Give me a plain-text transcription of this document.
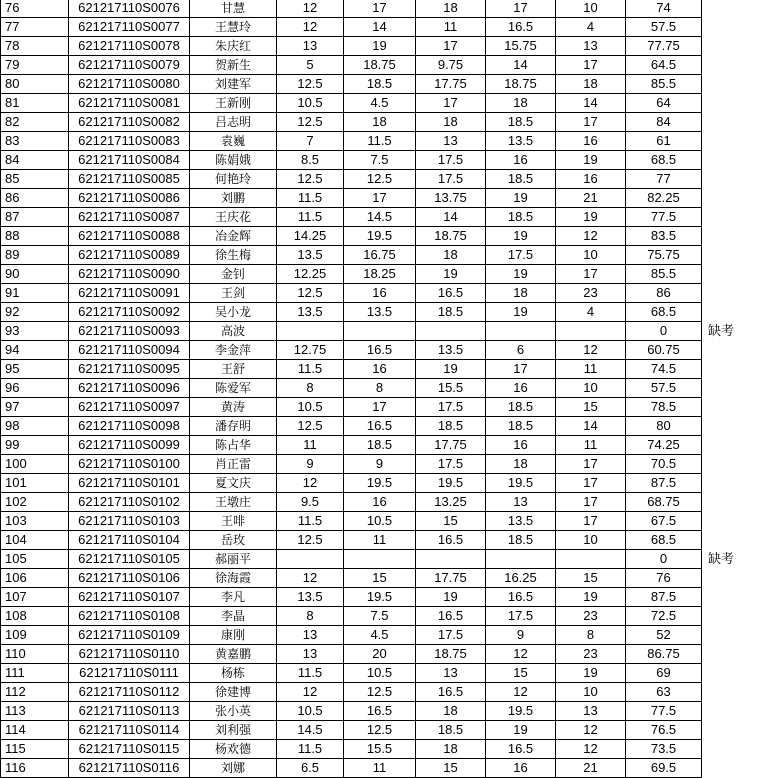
76	621217110S0076	甘慧	12	17	18	17	10	74	
77	621217110S0077	王慧玲	12	14	11	16.5	4	57.5	
78	621217110S0078	朱庆红	13	19	17	15.75	13	77.75	
79	621217110S0079	贺新生	5	18.75	9.75	14	17	64.5	
80	621217110S0080	刘建军	12.5	18.5	17.75	18.75	18	85.5	
81	621217110S0081	王新刚	10.5	4.5	17	18	14	64	
82	621217110S0082	吕志明	12.5	18	18	18.5	17	84	
83	621217110S0083	袁巍	7	11.5	13	13.5	16	61	
84	621217110S0084	陈娟娥	8.5	7.5	17.5	16	19	68.5	
85	621217110S0085	何艳玲	12.5	12.5	17.5	18.5	16	77	
86	621217110S0086	刘鹏	11.5	17	13.75	19	21	82.25	
87	621217110S0087	王庆花	11.5	14.5	14	18.5	19	77.5	
88	621217110S0088	冶金辉	14.25	19.5	18.75	19	12	83.5	
89	621217110S0089	徐生梅	13.5	16.75	18	17.5	10	75.75	
90	621217110S0090	金钊	12.25	18.25	19	19	17	85.5	
91	621217110S0091	王剑	12.5	16	16.5	18	23	86	
92	621217110S0092	吴小龙	13.5	13.5	18.5	19	4	68.5	
93	621217110S0093	高波						0	缺考
94	621217110S0094	李金萍	12.75	16.5	13.5	6	12	60.75	
95	621217110S0095	王舒	11.5	16	19	17	11	74.5	
96	621217110S0096	陈爱军	8	8	15.5	16	10	57.5	
97	621217110S0097	黄涛	10.5	17	17.5	18.5	15	78.5	
98	621217110S0098	潘存明	12.5	16.5	18.5	18.5	14	80	
99	621217110S0099	陈占华	11	18.5	17.75	16	11	74.25	
100	621217110S0100	肖正雷	9	9	17.5	18	17	70.5	
101	621217110S0101	夏文庆	12	19.5	19.5	19.5	17	87.5	
102	621217110S0102	王墩庄	9.5	16	13.25	13	17	68.75	
103	621217110S0103	王啡	11.5	10.5	15	13.5	17	67.5	
104	621217110S0104	岳玫	12.5	11	16.5	18.5	10	68.5	
105	621217110S0105	郝丽平						0	缺考
106	621217110S0106	徐海霞	12	15	17.75	16.25	15	76	
107	621217110S0107	李凡	13.5	19.5	19	16.5	19	87.5	
108	621217110S0108	李晶	8	7.5	16.5	17.5	23	72.5	
109	621217110S0109	康刚	13	4.5	17.5	9	8	52	
110	621217110S0110	黄嘉鹏	13	20	18.75	12	23	86.75	
111	621217110S0111	杨栋	11.5	10.5	13	15	19	69	
112	621217110S0112	徐建博	12	12.5	16.5	12	10	63	
113	621217110S0113	张小英	10.5	16.5	18	19.5	13	77.5	
114	621217110S0114	刘利强	14.5	12.5	18.5	19	12	76.5	
115	621217110S0115	杨欢德	11.5	15.5	18	16.5	12	73.5	
116	621217110S0116	刘娜	6.5	11	15	16	21	69.5	
